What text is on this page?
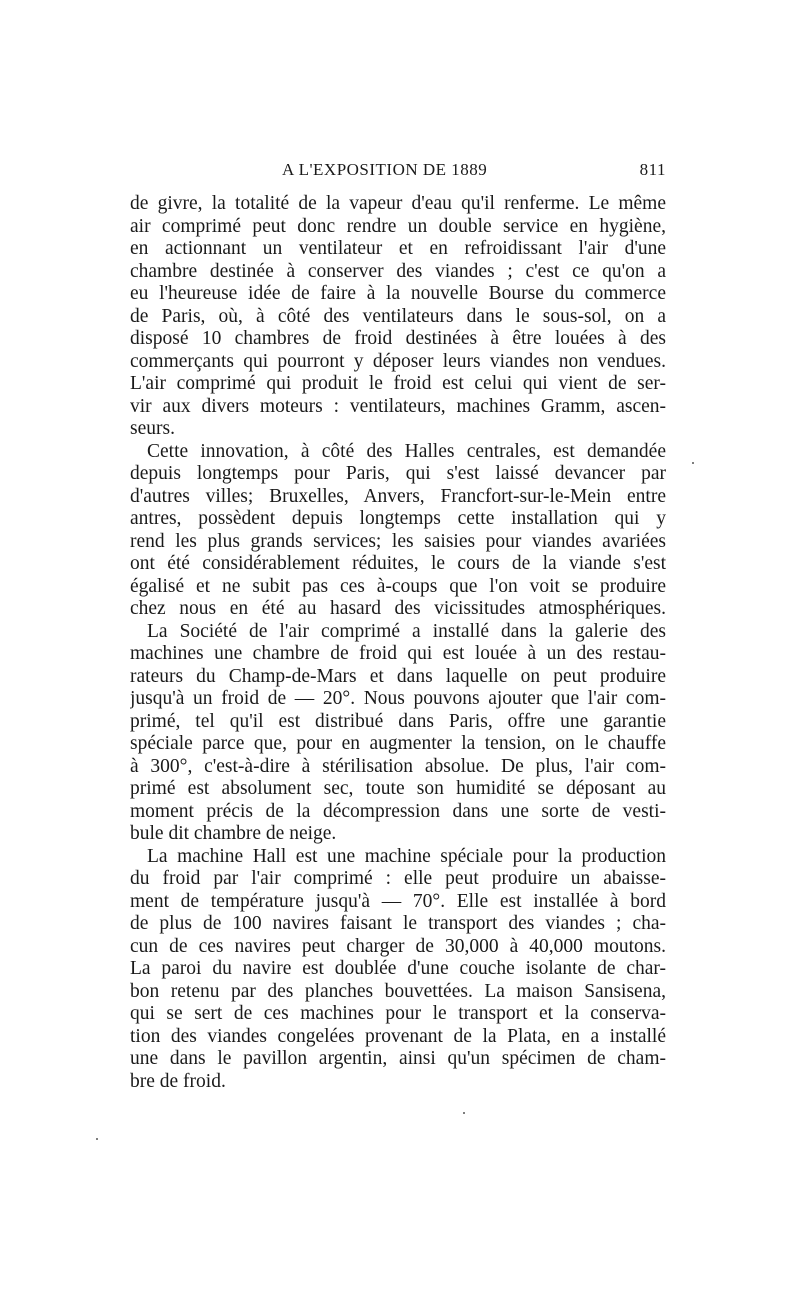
A L'EXPOSITION DE 1889	811
de givre, la totalité de la vapeur d'eau qu'il renferme. Le même
air comprimé peut donc rendre un double service en hygiène,
en actionnant un ventilateur et en refroidissant l'air d'une
chambre destinée à conserver des viandes ; c'est ce qu'on a
eu l'heureuse idée de faire à la nouvelle Bourse du commerce
de Paris, où, à côté des ventilateurs dans le sous-sol, on a
disposé 10 chambres de froid destinées à être louées à des
commerçants qui pourront y déposer leurs viandes non vendues.
L'air comprimé qui produit le froid est celui qui vient de ser-
vir aux divers moteurs : ventilateurs, machines Gramm, ascen-
seurs.
Cette innovation, à côté des Halles centrales, est demandée
depuis longtemps pour Paris, qui s'est laissé devancer par
d'autres villes; Bruxelles, Anvers, Francfort-sur-le-Mein entre
antres, possèdent depuis longtemps cette installation qui y
rend les plus grands services; les saisies pour viandes avariées
ont été considérablement réduites, le cours de la viande s'est
égalisé et ne subit pas ces à-coups que l'on voit se produire
chez nous en été au hasard des vicissitudes atmosphériques.
La Société de l'air comprimé a installé dans la galerie des
machines une chambre de froid qui est louée à un des restau-
rateurs du Champ-de-Mars et dans laquelle on peut produire
jusqu'à un froid de — 20°. Nous pouvons ajouter que l'air com-
primé, tel qu'il est distribué dans Paris, offre une garantie
spéciale parce que, pour en augmenter la tension, on le chauffe
à 300°, c'est-à-dire à stérilisation absolue. De plus, l'air com-
primé est absolument sec, toute son humidité se déposant au
moment précis de la décompression dans une sorte de vesti-
bule dit chambre de neige.
La machine Hall est une machine spéciale pour la production
du froid par l'air comprimé : elle peut produire un abaisse-
ment de température jusqu'à — 70°. Elle est installée à bord
de plus de 100 navires faisant le transport des viandes ; cha-
cun de ces navires peut charger de 30,000 à 40,000 moutons.
La paroi du navire est doublée d'une couche isolante de char-
bon retenu par des planches bouvettées. La maison Sansisena,
qui se sert de ces machines pour le transport et la conserva-
tion des viandes congelées provenant de la Plata, en a installé
une dans le pavillon argentin, ainsi qu'un spécimen de cham-
bre de froid.
